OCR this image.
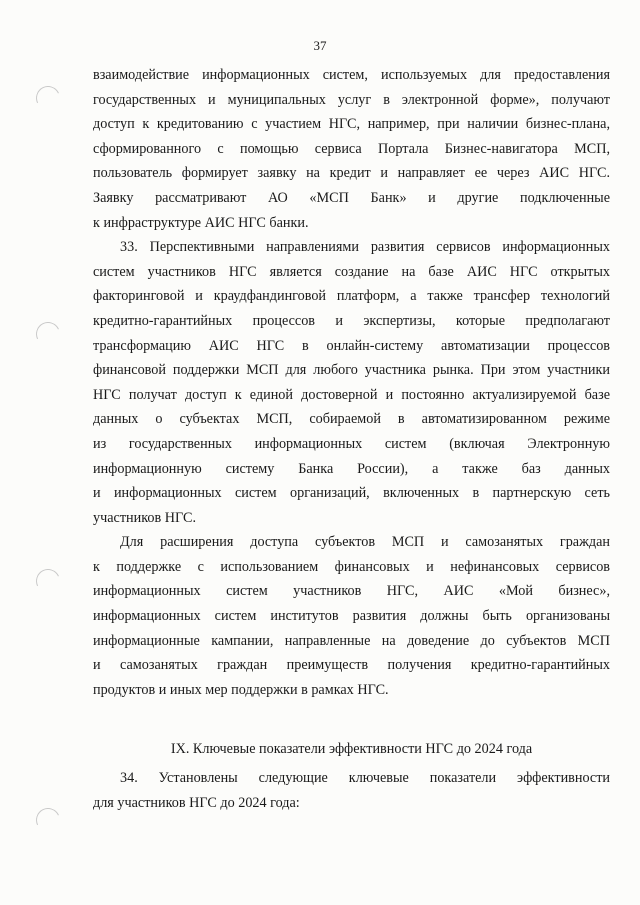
37
взаимодействие информационных систем, используемых для предоставления
государственных и муниципальных услуг в электронной форме», получают
доступ к кредитованию с участием НГС, например, при наличии бизнес-плана,
сформированного с помощью сервиса Портала Бизнес-навигатора МСП,
пользователь формирует заявку на кредит и направляет ее через АИС НГС.
Заявку рассматривают АО «МСП Банк» и другие подключенные
к инфраструктуре АИС НГС банки.
33. Перспективными направлениями развития сервисов информационных
систем участников НГС является создание на базе АИС НГС открытых
факторинговой и краудфандинговой платформ, а также трансфер технологий
кредитно-гарантийных процессов и экспертизы, которые предполагают
трансформацию АИС НГС в онлайн-систему автоматизации процессов
финансовой поддержки МСП для любого участника рынка. При этом участники
НГС получат доступ к единой достоверной и постоянно актуализируемой базе
данных о субъектах МСП, собираемой в автоматизированном режиме
из государственных информационных систем (включая Электронную
информационную систему Банка России), а также баз данных
и информационных систем организаций, включенных в партнерскую сеть
участников НГС.
Для расширения доступа субъектов МСП и самозанятых граждан
к поддержке с использованием финансовых и нефинансовых сервисов
информационных систем участников НГС, АИС «Мой бизнес»,
информационных систем институтов развития должны быть организованы
информационные кампании, направленные на доведение до субъектов МСП
и самозанятых граждан преимуществ получения кредитно-гарантийных
продуктов и иных мер поддержки в рамках НГС.
IX. Ключевые показатели эффективности НГС до 2024 года
34. Установлены следующие ключевые показатели эффективности
для участников НГС до 2024 года:
